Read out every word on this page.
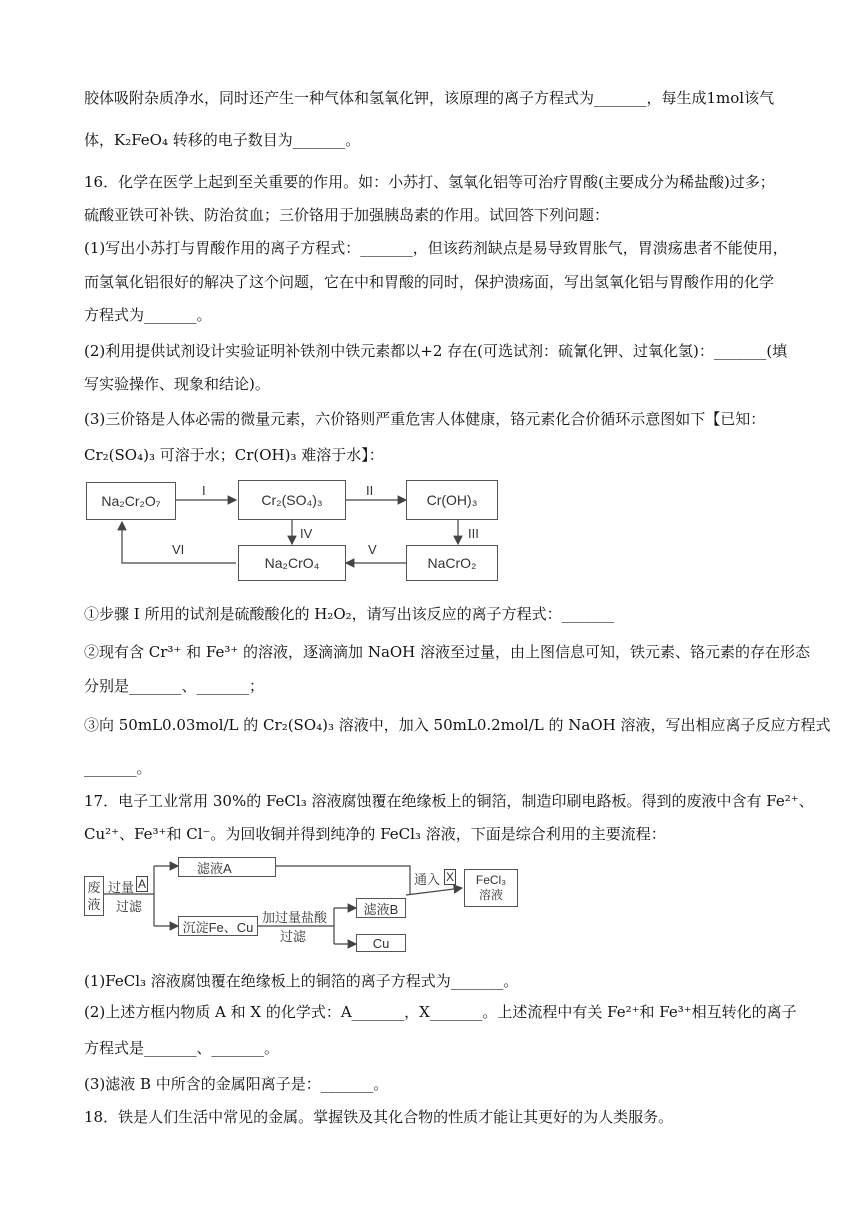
胶体吸附杂质净水，同时还产生一种气体和氢氧化钾，该原理的离子方程式为_______，每生成1mol该气
体，K₂FeO₄ 转移的电子数目为_______。
16．化学在医学上起到至关重要的作用。如：小苏打、氢氧化铝等可治疗胃酸(主要成分为稀盐酸)过多；
硫酸亚铁可补铁、防治贫血；三价铬用于加强胰岛素的作用。试回答下列问题：
(1)写出小苏打与胃酸作用的离子方程式：_______，但该药剂缺点是易导致胃胀气，胃溃疡患者不能使用，
而氢氧化铝很好的解决了这个问题，它在中和胃酸的同时，保护溃疡面，写出氢氧化铝与胃酸作用的化学
方程式为_______。
(2)利用提供试剂设计实验证明补铁剂中铁元素都以+2 存在(可选试剂：硫氰化钾、过氧化氢)：_______(填
写实验操作、现象和结论)。
(3)三价铬是人体必需的微量元素，六价铬则严重危害人体健康，铬元素化合价循环示意图如下【已知：
Cr₂(SO₄)₃ 可溶于水；Cr(OH)₃ 难溶于水】：
Na₂Cr₂O₇	Cr₂(SO₄)₃	Cr(OH)₃
Na₂CrO₄	NaCrO₂
I	II
III
IV
V
VI
①步骤 I 所用的试剂是硫酸酸化的 H₂O₂，请写出该反应的离子方程式：_______
②现有含 Cr³⁺ 和 Fe³⁺ 的溶液，逐滴滴加 NaOH 溶液至过量，由上图信息可知，铁元素、铬元素的存在形态
分别是_______、_______；
③向 50mL0.03mol/L 的 Cr₂(SO₄)₃ 溶液中，加入 50mL0.2mol/L 的 NaOH 溶液，写出相应离子反应方程式
_______。
17．电子工业常用 30%的 FeCl₃ 溶液腐蚀覆在绝缘板上的铜箔，制造印刷电路板。得到的废液中含有 Fe²⁺、
Cu²⁺、Fe³⁺和 Cl⁻。为回收铜并得到纯净的 FeCl₃ 溶液，下面是综合利用的主要流程：
废
液
过量 A
过滤
滤液A
沉淀Fe、Cu
加过量盐酸
过滤
滤液B
Cu
通入 X FeCl₃
溶液
(1)FeCl₃ 溶液腐蚀覆在绝缘板上的铜箔的离子方程式为_______。
(2)上述方框内物质 A 和 X 的化学式：A_______，X_______。上述流程中有关 Fe²⁺和 Fe³⁺相互转化的离子
方程式是_______、_______。
(3)滤液 B 中所含的金属阳离子是：_______。
18．铁是人们生活中常见的金属。掌握铁及其化合物的性质才能让其更好的为人类服务。
